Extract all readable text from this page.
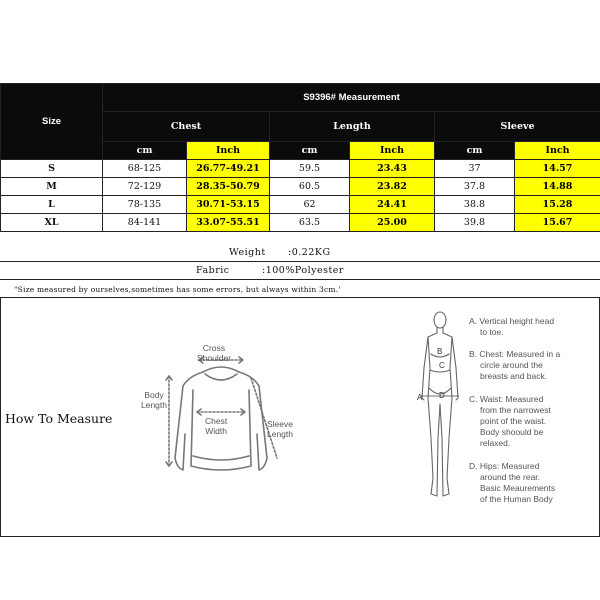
Size	S9396# Measurement					
	Chest		Length		Sleeve	
	cm	Inch	cm	Inch	cm	Inch
S	68-125	26.77-49.21	59.5	23.43	37	14.57
M	72-129	28.35-50.79	60.5	23.82	37.8	14.88
L	78-135	30.71-53.15	62	24.41	38.8	15.28
XL	84-141	33.07-55.51	63.5	25.00	39.8	15.67
Weight :0.22KG
Fabric	:100%Polyester
"Size measured by ourselves,sometimes has some errors, but always within 3cm.'
How To Measure
Cross
Shoulder
Body
Length
Chest
Width
Sleeve
Length
B
C
A D
A. Vertical height head
to toe.
B. Chest: Measured in a
circle around the
breasts and back.
C. Waist: Measured
from the narrowest
point of the waist.
Body shoould be
relaxed.
D. Hips: Measured
around the rear.
Basic Meaurements
of the Human Body
